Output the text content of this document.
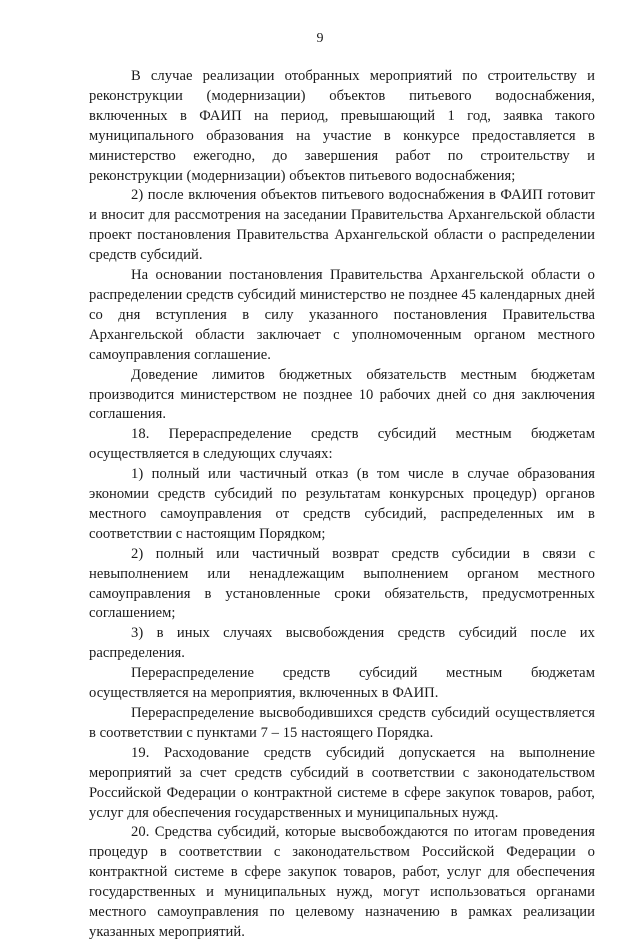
9

В случае реализации отобранных мероприятий по строительству и реконструкции (модернизации) объектов питьевого водоснабжения, включенных в ФАИП на период, превышающий 1 год, заявка такого муниципального образования на участие в конкурсе предоставляется в министерство ежегодно, до завершения работ по строительству и реконструкции (модернизации) объектов питьевого водоснабжения;

2) после включения объектов питьевого водоснабжения в ФАИП готовит и вносит для рассмотрения на заседании Правительства Архангельской области проект постановления Правительства Архангельской области о распределении средств субсидий.

На основании постановления Правительства Архангельской области о распределении средств субсидий министерство не позднее 45 календарных дней со дня вступления в силу указанного постановления Правительства Архангельской области заключает с уполномоченным органом местного самоуправления соглашение.

Доведение лимитов бюджетных обязательств местным бюджетам производится министерством не позднее 10 рабочих дней со дня заключения соглашения.

18. Перераспределение средств субсидий местным бюджетам осуществляется в следующих случаях:

1) полный или частичный отказ (в том числе в случае образования экономии средств субсидий по результатам конкурсных процедур) органов местного самоуправления от средств субсидий, распределенных им в соответствии с настоящим Порядком;

2) полный или частичный возврат средств субсидии в связи с невыполнением или ненадлежащим выполнением органом местного самоуправления в установленные сроки обязательств, предусмотренных соглашением;

3) в иных случаях высвобождения средств субсидий после их распределения.

Перераспределение средств субсидий местным бюджетам осуществляется на мероприятия, включенных в ФАИП.

Перераспределение высвободившихся средств субсидий осуществляется в соответствии с пунктами 7 – 15 настоящего Порядка.

19. Расходование средств субсидий допускается на выполнение мероприятий за счет средств субсидий в соответствии с законодательством Российской Федерации о контрактной системе в сфере закупок товаров, работ, услуг для обеспечения государственных и муниципальных нужд.

20. Средства субсидий, которые высвобождаются по итогам проведения процедур в соответствии с законодательством Российской Федерации о контрактной системе в сфере закупок товаров, работ, услуг для обеспечения государственных и муниципальных нужд, могут использоваться органами местного самоуправления по целевому назначению в рамках реализации указанных мероприятий.
